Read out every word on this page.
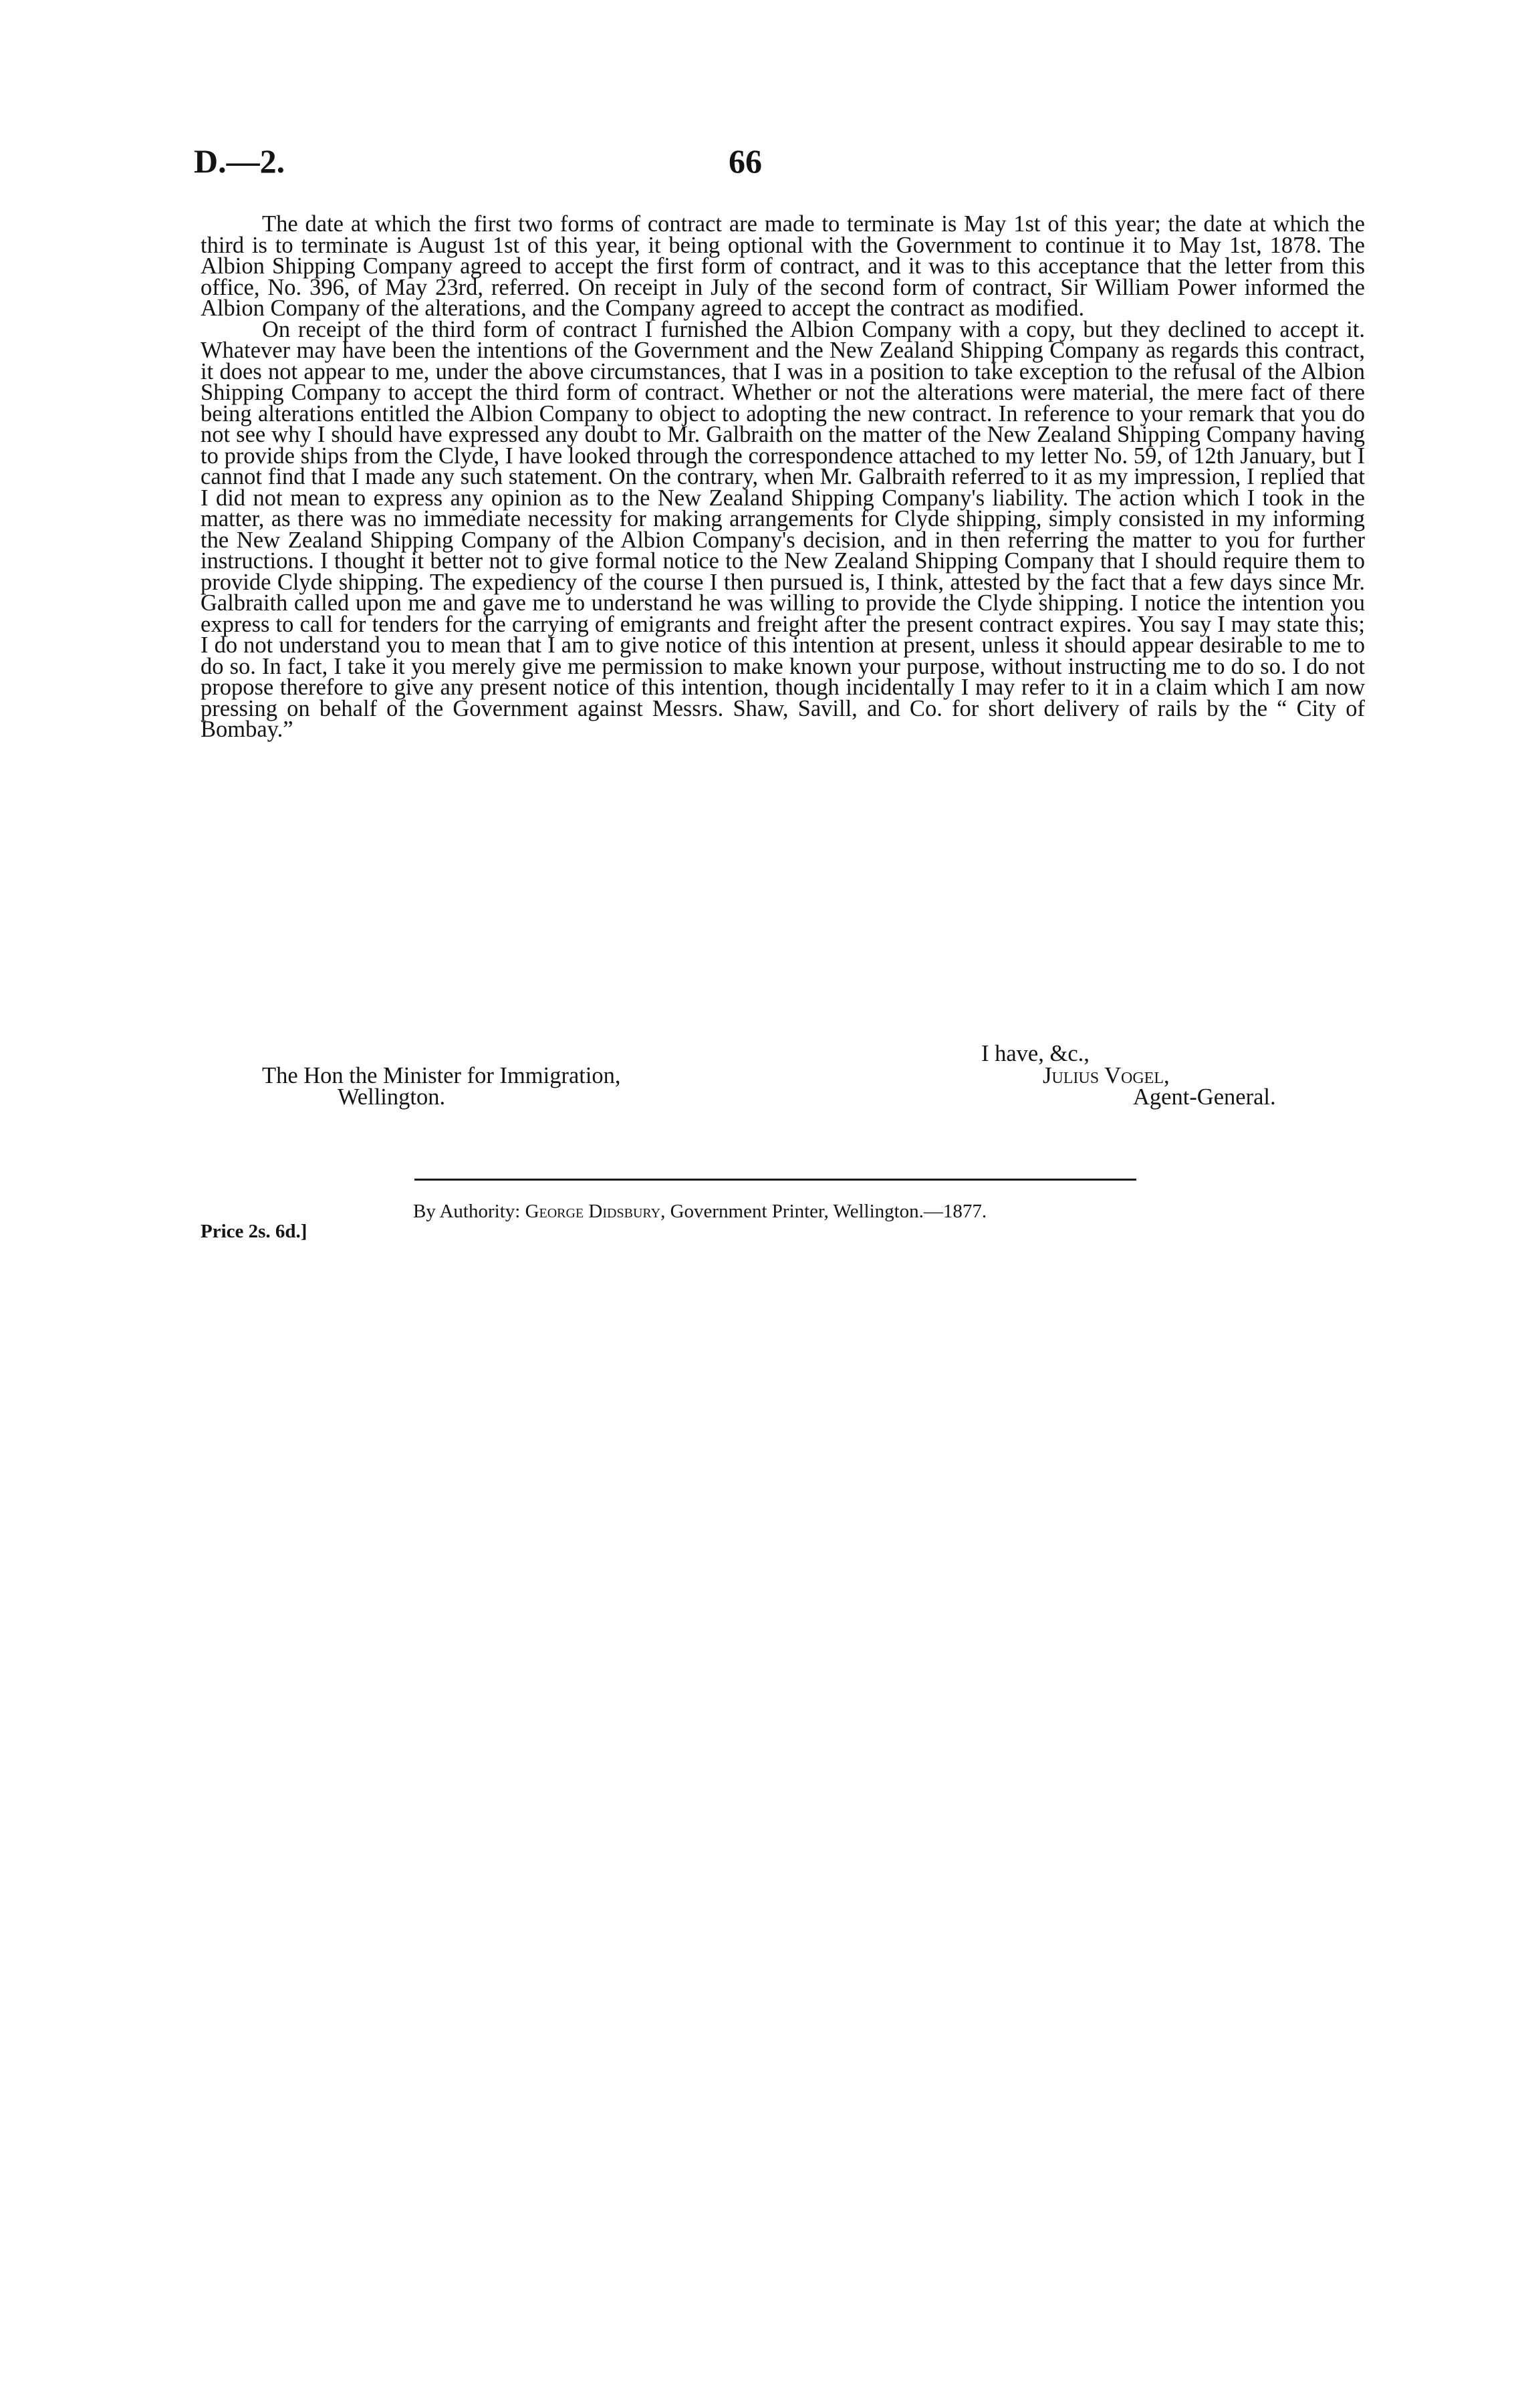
D.—2.	66

The date at which the first two forms of contract are made to terminate is May 1st of this year; the date at which the third is to terminate is August 1st of this year, it being optional with the Government to continue it to May 1st, 1878. The Albion Shipping Company agreed to accept the first form of contract, and it was to this acceptance that the letter from this office, No. 396, of May 23rd, referred. On receipt in July of the second form of contract, Sir William Power informed the Albion Company of the alterations, and the Company agreed to accept the contract as modified.

On receipt of the third form of contract I furnished the Albion Company with a copy, but they declined to accept it. Whatever may have been the intentions of the Government and the New Zealand Shipping Company as regards this contract, it does not appear to me, under the above circumstances, that I was in a position to take exception to the refusal of the Albion Shipping Company to accept the third form of contract. Whether or not the alterations were material, the mere fact of there being alterations entitled the Albion Company to object to adopting the new contract. In reference to your remark that you do not see why I should have expressed any doubt to Mr. Galbraith on the matter of the New Zealand Shipping Company having to provide ships from the Clyde, I have looked through the correspondence attached to my letter No. 59, of 12th January, but I cannot find that I made any such statement. On the contrary, when Mr. Galbraith referred to it as my impression, I replied that I did not mean to express any opinion as to the New Zealand Shipping Company's liability. The action which I took in the matter, as there was no immediate necessity for making arrangements for Clyde shipping, simply consisted in my informing the New Zealand Shipping Company of the Albion Company's decision, and in then referring the matter to you for further instructions. I thought it better not to give formal notice to the New Zealand Shipping Company that I should require them to provide Clyde shipping. The expediency of the course I then pursued is, I think, attested by the fact that a few days since Mr. Galbraith called upon me and gave me to understand he was willing to provide the Clyde shipping. I notice the intention you express to call for tenders for the carrying of emigrants and freight after the present contract expires. You say I may state this; I do not understand you to mean that I am to give notice of this intention at present, unless it should appear desirable to me to do so. In fact, I take it you merely give me permission to make known your purpose, without instructing me to do so. I do not propose therefore to give any present notice of this intention, though incidentally I may refer to it in a claim which I am now pressing on behalf of the Government against Messrs. Shaw, Savill, and Co. for short delivery of rails by the “ City of Bombay.”

I have, &c.,
The Hon the Minister for Immigration,
Wellington.
Julius Vogel,
Agent-General.
By Authority: George Didsbury, Government Printer, Wellington.—1877.
Price 2s. 6d.]
